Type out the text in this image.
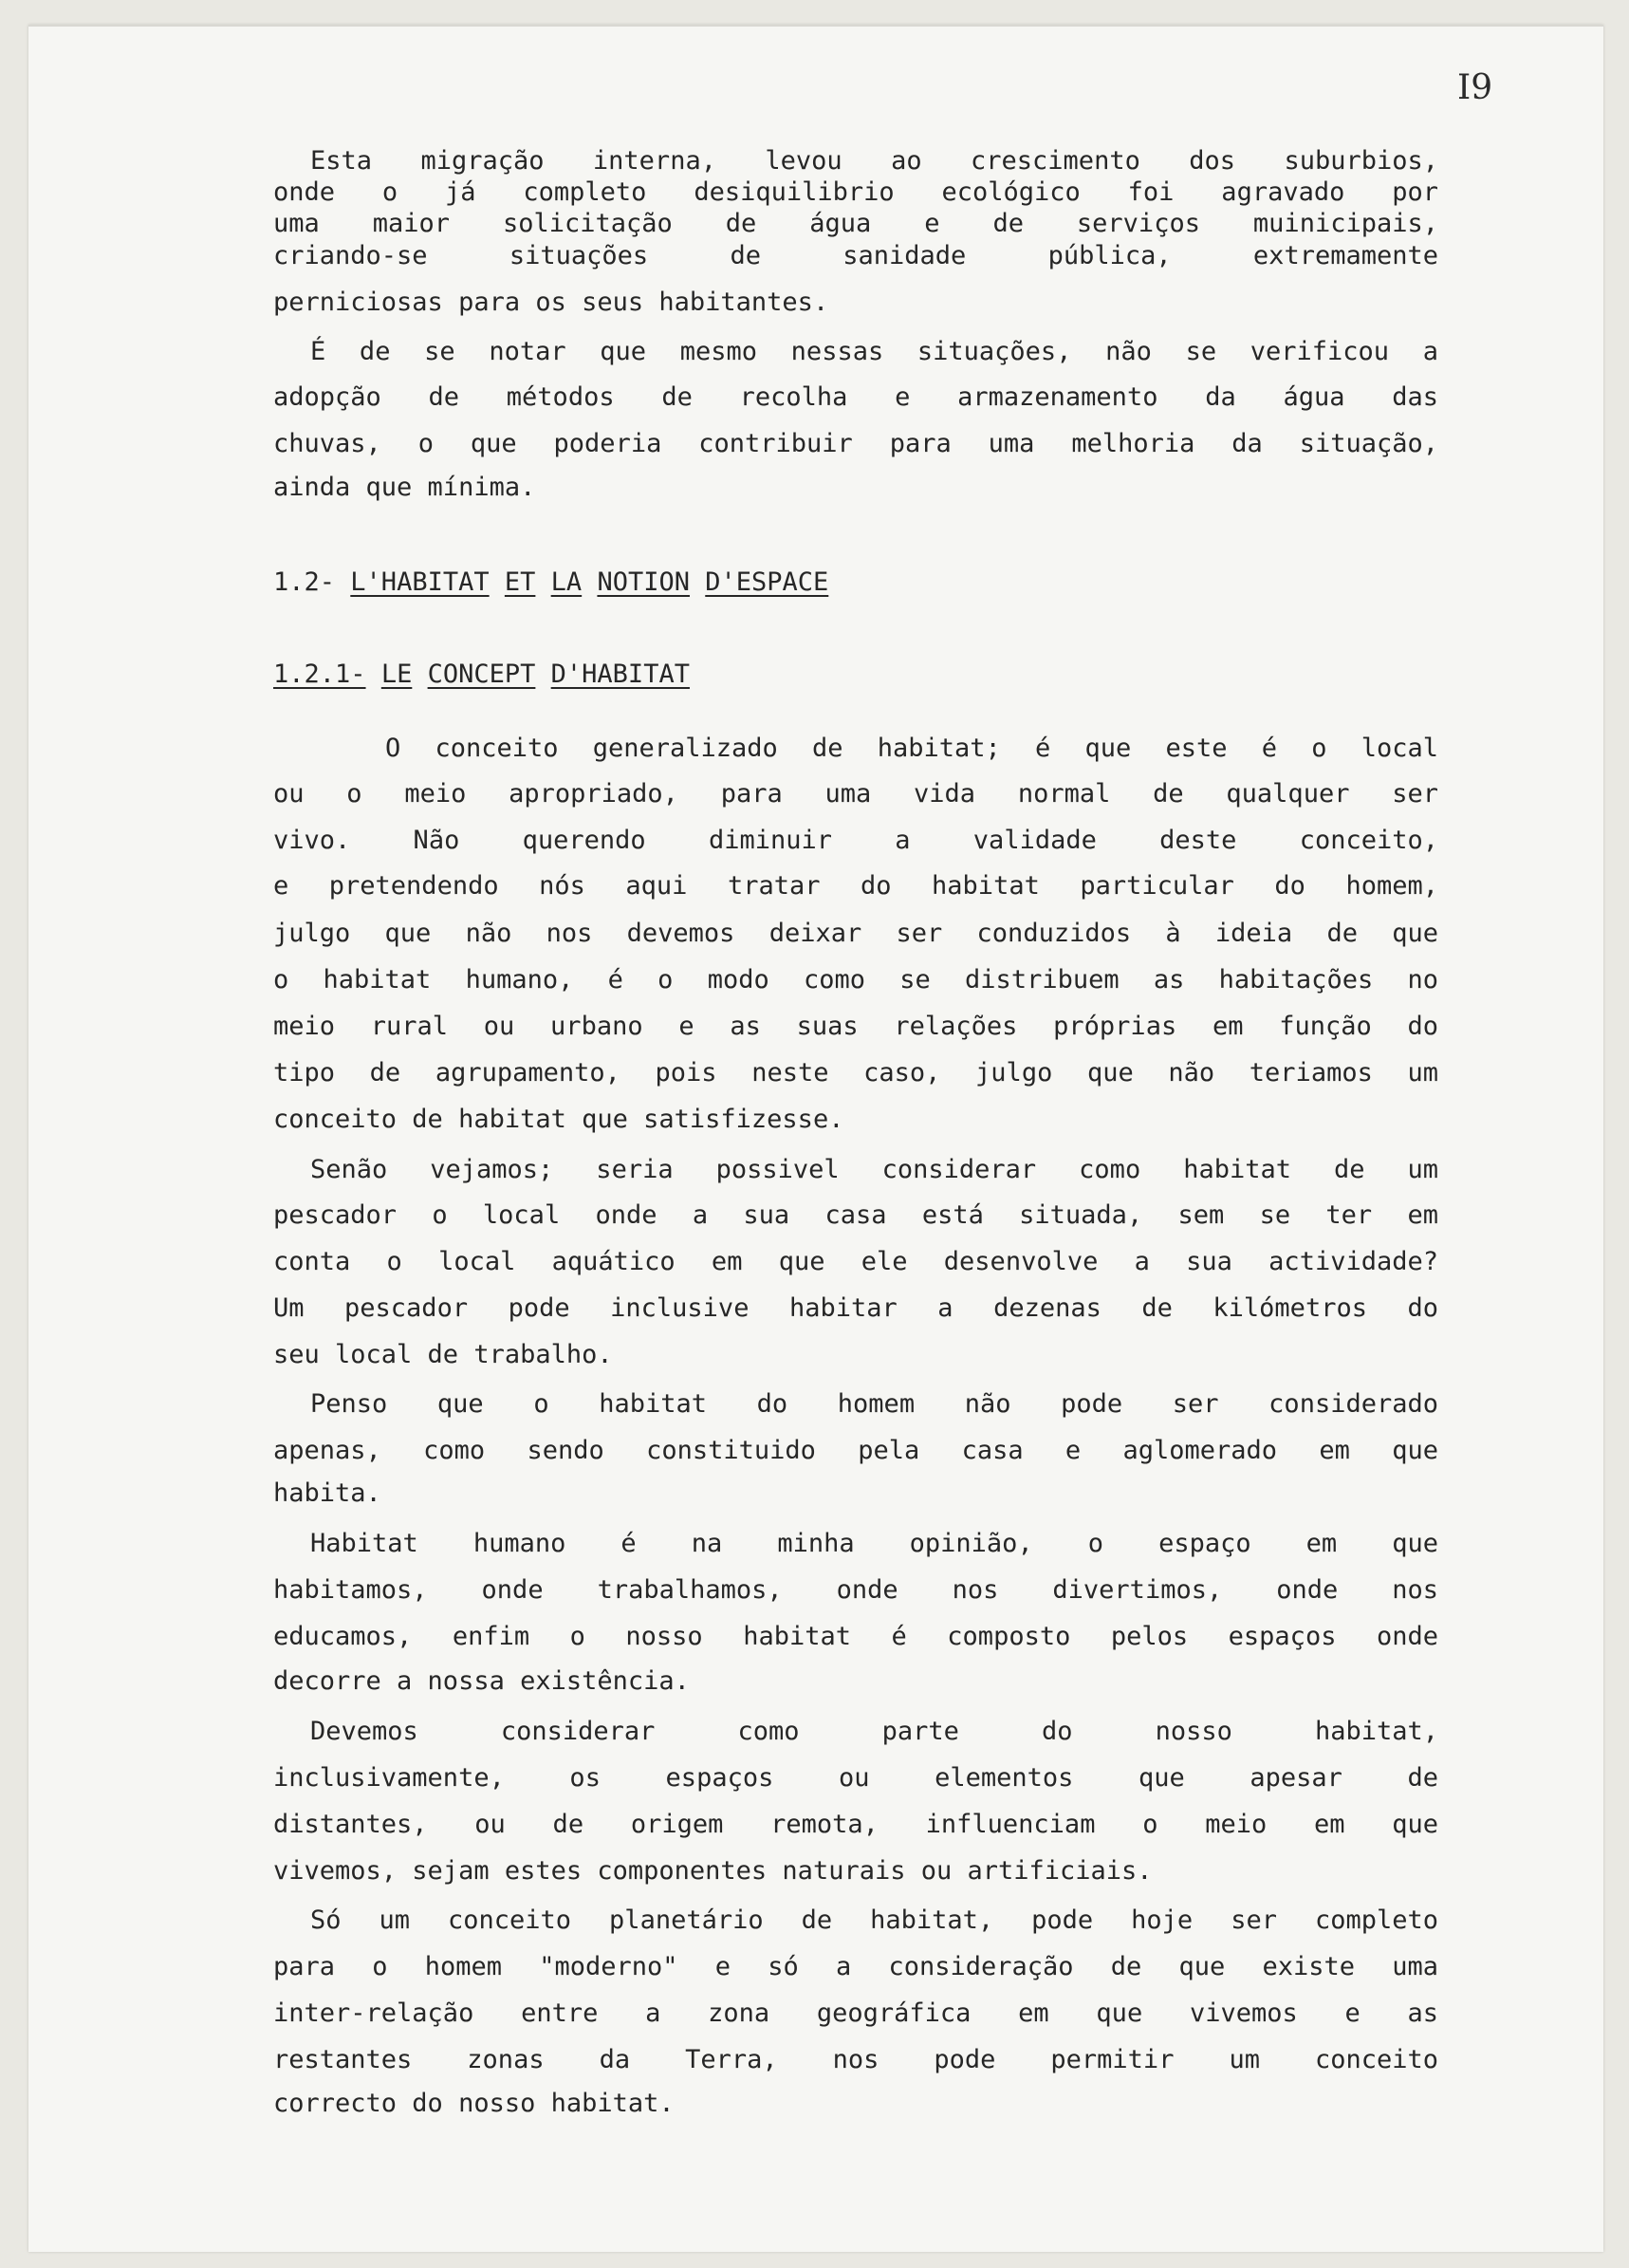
I9
Esta migração interna, levou ao crescimento dos suburbios,
onde o já completo desiquilibrio ecológico foi agravado por
uma maior solicitação de água e de serviços muinicipais,
criando-se situações de sanidade pública, extremamente
perniciosas para os seus habitantes.
É de se notar que mesmo nessas situações, não se verificou a
adopção de métodos de recolha e armazenamento da água das
chuvas, o que poderia contribuir para uma melhoria da situação,
ainda que mínima.
1.2- L'HABITAT ET LA NOTION D'ESPACE
1.2.1- LE CONCEPT D'HABITAT
O conceito generalizado de habitat; é que este é o local
ou o meio apropriado, para uma vida normal de qualquer ser
vivo. Não querendo diminuir a validade deste conceito,
e pretendendo nós aqui tratar do habitat particular do homem,
julgo que não nos devemos deixar ser conduzidos à ideia de que
o habitat humano, é o modo como se distribuem as habitações no
meio rural ou urbano e as suas relações próprias em função do
tipo de agrupamento, pois neste caso, julgo que não teriamos um
conceito de habitat que satisfizesse.
Senão vejamos; seria possivel considerar como habitat de um
pescador o local onde a sua casa está situada, sem se ter em
conta o local aquático em que ele desenvolve a sua actividade?
Um pescador pode inclusive habitar a dezenas de kilómetros do
seu local de trabalho.
Penso que o habitat do homem não pode ser considerado
apenas, como sendo constituido pela casa e aglomerado em que
habita.
Habitat humano é na minha opinião, o espaço em que
habitamos, onde trabalhamos, onde nos divertimos, onde nos
educamos, enfim o nosso habitat é composto pelos espaços onde
decorre a nossa existência.
Devemos considerar como parte do nosso habitat,
inclusivamente, os espaços ou elementos que apesar de
distantes, ou de origem remota, influenciam o meio em que
vivemos, sejam estes componentes naturais ou artificiais.
Só um conceito planetário de habitat, pode hoje ser completo
para o homem "moderno" e só a consideração de que existe uma
inter-relação entre a zona geográfica em que vivemos e as
restantes zonas da Terra, nos pode permitir um conceito
correcto do nosso habitat.
